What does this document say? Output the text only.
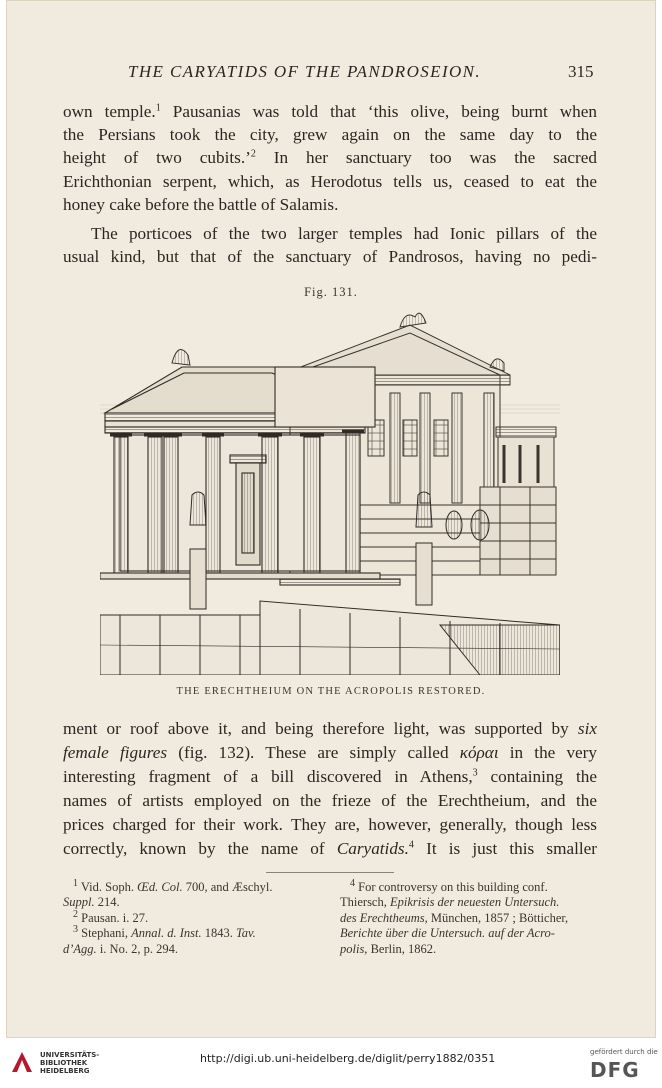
THE CARYATIDS OF THE PANDROSEION.	315

own temple.$^1$ Pausanias was told that ‘this olive, being burnt when
the Persians took the city, grew again on the same day to the
height of two cubits.’$^2$ In her sanctuary too was the sacred
Erichthonian serpent, which, as Herodotus tells us, ceased to eat the
honey cake before the battle of Salamis.

The porticoes of the two larger temples had Ionic pillars of the
usual kind, but that of the sanctuary of Pandrosos, having no pedi-

Fig. 131.
THE ERECHTHEIUM ON THE ACROPOLIS RESTORED.

ment or roof above it, and being therefore light, was supported by six
female figures (fig. 132). These are simply called κόραι in the very
interesting fragment of a bill discovered in Athens,$^3$ containing the
names of artists employed on the frieze of the Erechtheium, and the
prices charged for their work. They are, however, generally, though less
correctly, known by the name of Caryatids.$^4$ It is just this smaller

$^1$ Vid. Soph. Œd. Col. 700, and Æschyl.
Suppl. 214.

$^2$ Pausan. i. 27.

$^3$ Stephani, Annal. d. Inst. 1843. Tav.
d’Agg. i. No. 2, p. 294.

$^4$ For controversy on this building conf.
Thiersch, Epikrisis der neuesten Untersuch.
des Erechtheums, München, 1857 ; Bötticher,
Berichte über die Untersuch. auf der Acro-
polis, Berlin, 1862.

UNIVERSITÄTS-
BIBLIOTHEK
HEIDELBERG
http://digi.ub.uni-heidelberg.de/diglit/perry1882/0351	gefördert durch die
DFG
